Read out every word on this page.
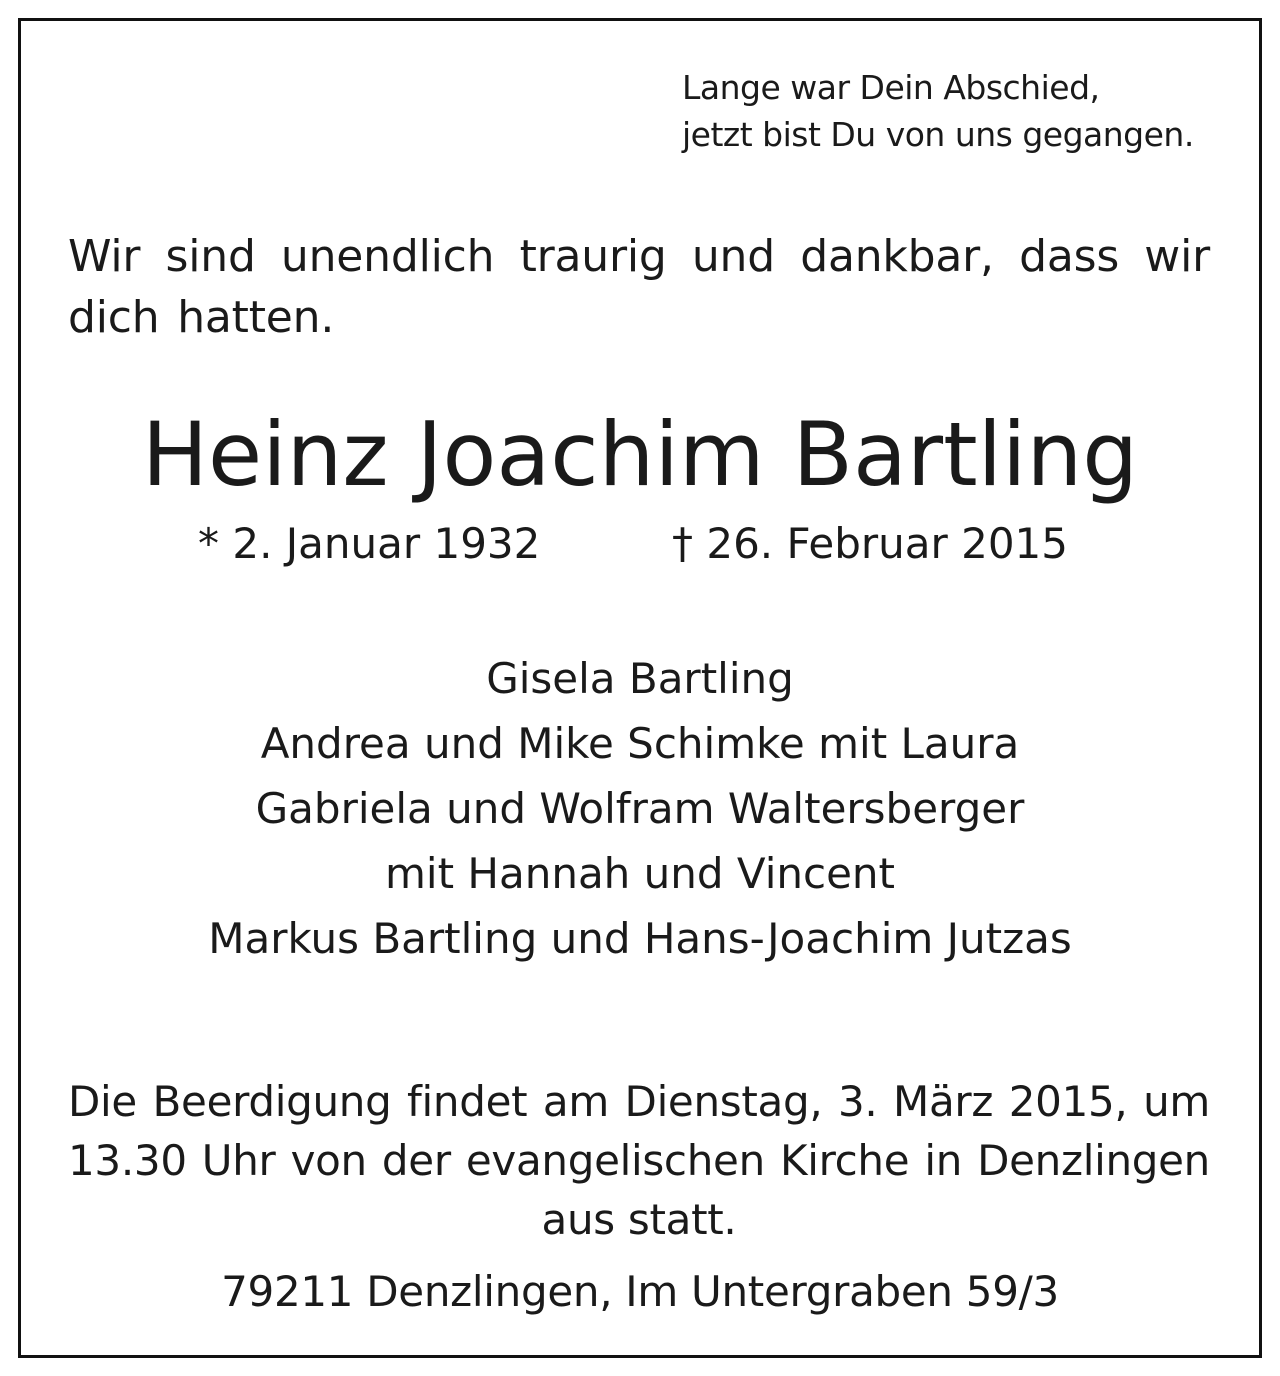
Lange war Dein Abschied,
jetzt bist Du von uns gegangen.
Wir sind unendlich traurig und dankbar, dass wir dich hatten.
Heinz Joachim Bartling
* 2. Januar 1932	† 26. Februar 2015
Gisela Bartling
Andrea und Mike Schimke mit Laura
Gabriela und Wolfram Waltersberger
mit Hannah und Vincent
Markus Bartling und Hans-Joachim Jutzas
Die Beerdigung findet am Dienstag, 3. März 2015, um 13.30 Uhr von der evangelischen Kirche in Denzlingen aus statt.
79211 Denzlingen, Im Untergraben 59/3
